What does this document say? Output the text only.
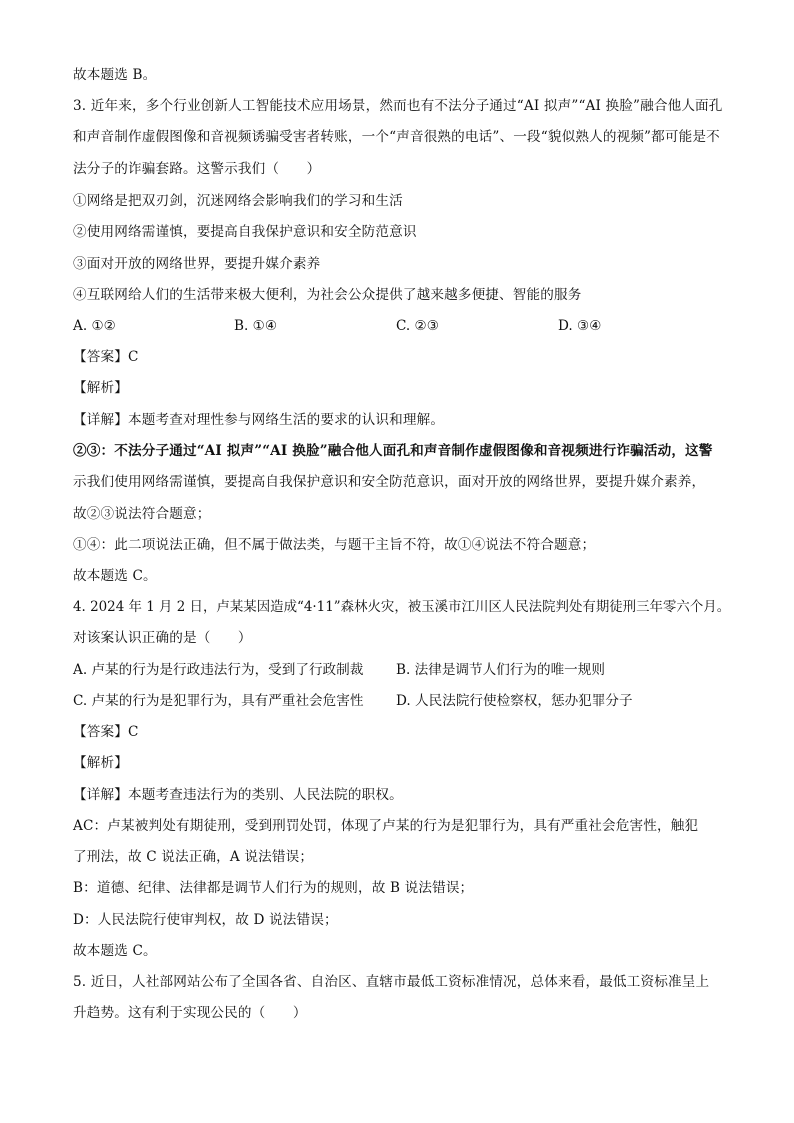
故本题选 B。
3. 近年来，多个行业创新人工智能技术应用场景，然而也有不法分子通过“AI 拟声”“AI 换脸”融合他人面孔
和声音制作虚假图像和音视频诱骗受害者转账，一个“声音很熟的电话”、一段“貌似熟人的视频”都可能是不
法分子的诈骗套路。这警示我们（　　）
①网络是把双刃剑，沉迷网络会影响我们的学习和生活
②使用网络需谨慎，要提高自我保护意识和安全防范意识
③面对开放的网络世界，要提升媒介素养
④互联网给人们的生活带来极大便利，为社会公众提供了越来越多便捷、智能的服务
A. ①②	B. ①④	C. ②③	D. ③④
【答案】C
【解析】
【详解】本题考查对理性参与网络生活的要求的认识和理解。
②③：不法分子通过“AI 拟声”“AI 换脸”融合他人面孔和声音制作虚假图像和音视频进行诈骗活动，这警
示我们使用网络需谨慎，要提高自我保护意识和安全防范意识，面对开放的网络世界，要提升媒介素养，
故②③说法符合题意；
①④：此二项说法正确，但不属于做法类，与题干主旨不符，故①④说法不符合题意；
故本题选 C。
4. 2024 年 1 月 2 日，卢某某因造成“4·11”森林火灾，被玉溪市江川区人民法院判处有期徒刑三年零六个月。
对该案认识正确的是（　　）
A. 卢某的行为是行政违法行为，受到了行政制裁 B. 法律是调节人们行为的唯一规则
C. 卢某的行为是犯罪行为，具有严重社会危害性 D. 人民法院行使检察权，惩办犯罪分子
【答案】C
【解析】
【详解】本题考查违法行为的类别、人民法院的职权。
AC：卢某被判处有期徒刑，受到刑罚处罚，体现了卢某的行为是犯罪行为，具有严重社会危害性，触犯
了刑法，故 C 说法正确，A 说法错误；
B：道德、纪律、法律都是调节人们行为的规则，故 B 说法错误；
D：人民法院行使审判权，故 D 说法错误；
故本题选 C。
5. 近日，人社部网站公布了全国各省、自治区、直辖市最低工资标准情况，总体来看，最低工资标准呈上
升趋势。这有利于实现公民的（　　）
